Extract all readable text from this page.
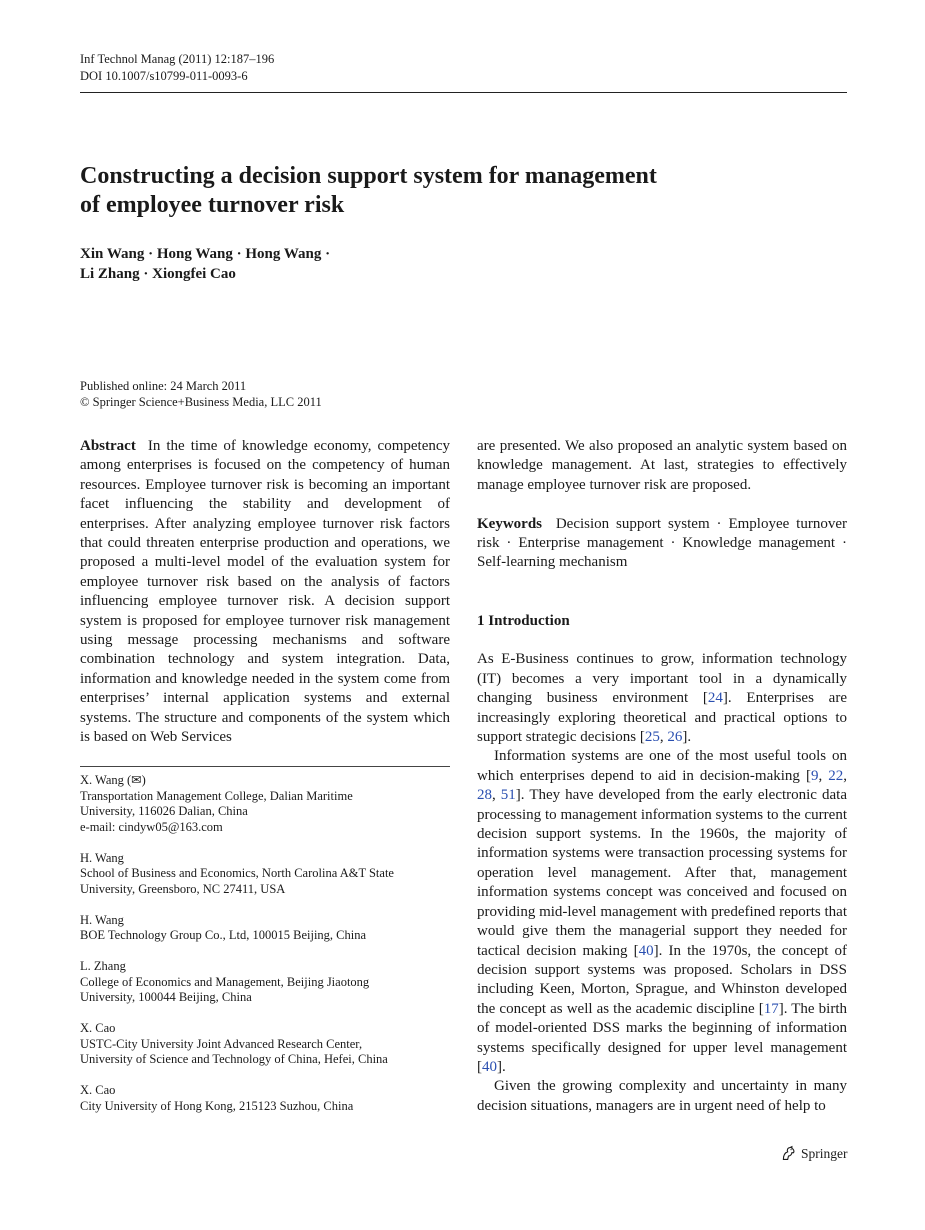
Inf Technol Manag (2011) 12:187–196
DOI 10.1007/s10799-011-0093-6
Constructing a decision support system for management
of employee turnover risk
Xin Wang · Hong Wang · Hong Wang ·
Li Zhang · Xiongfei Cao
Published online: 24 March 2011
© Springer Science+Business Media, LLC 2011

Abstract In the time of knowledge economy, competency among enterprises is focused on the competency of human resources. Employee turnover risk is becoming an important facet influencing the stability and development of enterprises. After analyzing employee turnover risk factors that could threaten enterprise production and operations, we proposed a multi-level model of the evaluation system for employee turnover risk based on the analysis of factors influencing employee turnover risk. A decision support system is proposed for employee turnover risk management using message processing mechanisms and software combination technology and system integration. Data, information and knowledge needed in the system come from enterprises’ internal application systems and external systems. The structure and components of the system which is based on Web Services

X. Wang (✉)
Transportation Management College, Dalian Maritime
University, 116026 Dalian, China
e-mail: cindyw05@163.com
H. Wang
School of Business and Economics, North Carolina A&T State
University, Greensboro, NC 27411, USA
H. Wang
BOE Technology Group Co., Ltd, 100015 Beijing, China
L. Zhang
College of Economics and Management, Beijing Jiaotong
University, 100044 Beijing, China
X. Cao
USTC-City University Joint Advanced Research Center,
University of Science and Technology of China, Hefei, China
X. Cao
City University of Hong Kong, 215123 Suzhou, China

are presented. We also proposed an analytic system based on knowledge management. At last, strategies to effectively manage employee turnover risk are proposed.

Keywords Decision support system · Employee turnover risk · Enterprise management · Knowledge management · Self-learning mechanism

1 Introduction

As E-Business continues to grow, information technology (IT) becomes a very important tool in a dynamically changing business environment [24]. Enterprises are increasingly exploring theoretical and practical options to support strategic decisions [25, 26].

Information systems are one of the most useful tools on which enterprises depend to aid in decision-making [9, 22, 28, 51]. They have developed from the early electronic data processing to management information systems to the current decision support systems. In the 1960s, the majority of information systems were transaction processing systems for operation level management. After that, management information systems concept was conceived and focused on providing mid-level management with predefined reports that would give them the managerial support they needed for tactical decision making [40]. In the 1970s, the concept of decision support systems was proposed. Scholars in DSS including Keen, Morton, Sprague, and Whinston developed the concept as well as the academic discipline [17]. The birth of model-oriented DSS marks the beginning of information systems specifically designed for upper level management [40].

Given the growing complexity and uncertainty in many decision situations, managers are in urgent need of help to

Springer
